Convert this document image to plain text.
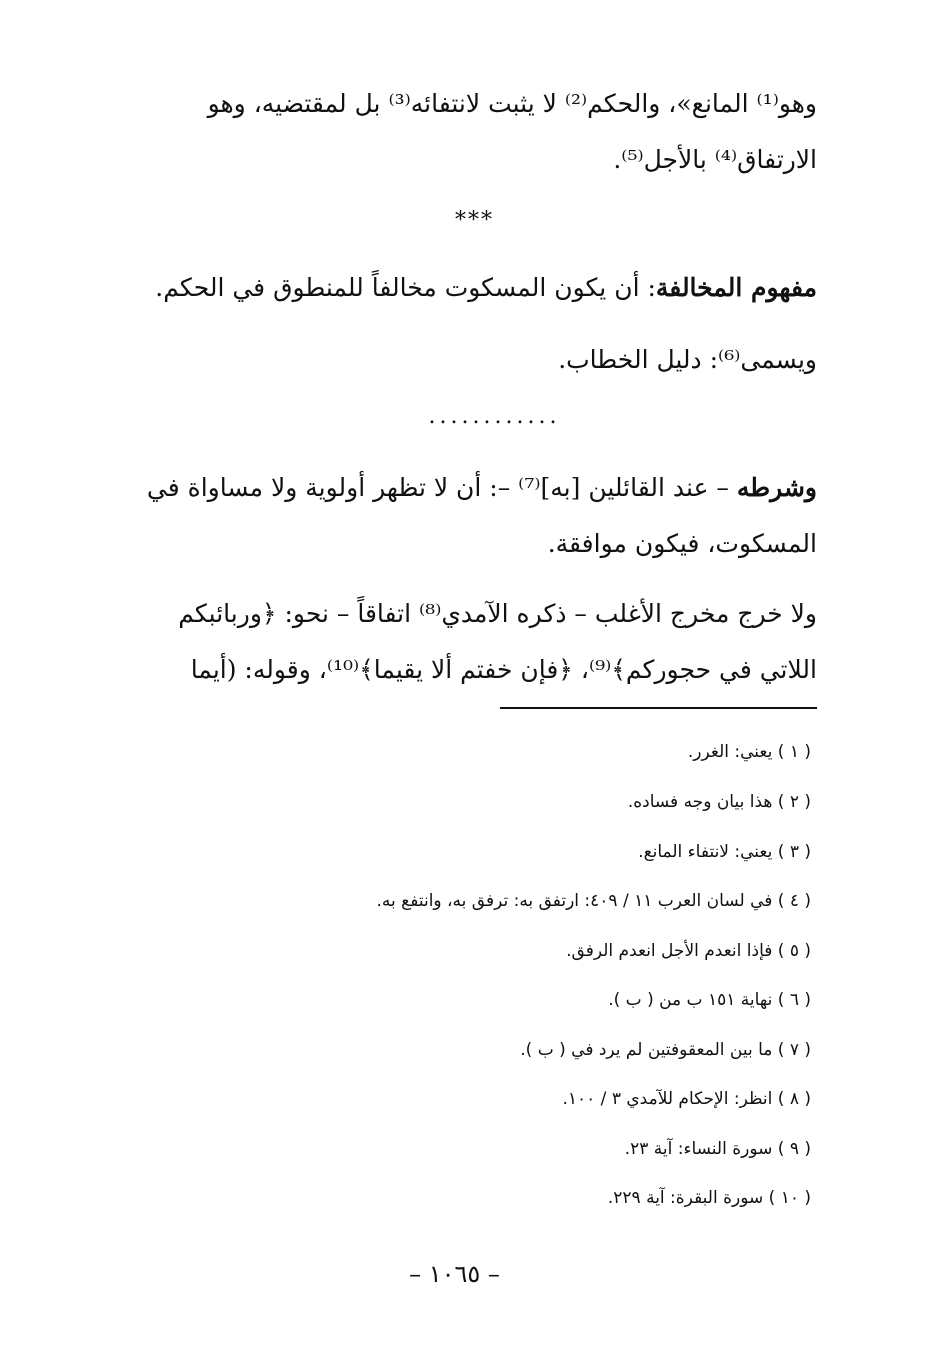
وهو⁽¹⁾ المانع»، والحكم⁽²⁾ لا يثبت لانتفائه⁽³⁾ بل لمقتضيه، وهو
الارتفاق⁽⁴⁾ بالأجل⁽⁵⁾.
***
مفهوم المخالفة: أن يكون المسكوت مخالفاً للمنطوق في الحكم.
ويسمى⁽⁶⁾: دليل الخطاب.
............
وشرطه – عند القائلين [به]⁽⁷⁾ –: أن لا تظهر أولوية ولا مساواة في
المسكوت، فيكون موافقة.
ولا خرج مخرج الأغلب – ذكره الآمدي⁽⁸⁾ اتفاقاً – نحو: ﴿وربائبكم
اللاتي في حجوركم﴾⁽⁹⁾، ﴿فإن خفتم ألا يقيما﴾⁽¹⁰⁾، وقوله: (أيما
( ١ ) يعني: الغرر.
( ٢ ) هذا بيان وجه فساده.
( ٣ ) يعني: لانتفاء المانع.
( ٤ ) في لسان العرب ١١ / ٤٠٩: ارتفق به: ترفق به، وانتفع به.
( ٥ ) فإذا انعدم الأجل انعدم الرفق.
( ٦ ) نهاية ١٥١ ب من ( ب ).
( ٧ ) ما بين المعقوفتين لم يرد في ( ب ).
( ٨ ) انظر: الإحكام للآمدي ٣ / ١٠٠.
( ٩ ) سورة النساء: آية ٢٣.
( ١٠ ) سورة البقرة: آية ٢٢٩.
– ١٠٦٥ –
